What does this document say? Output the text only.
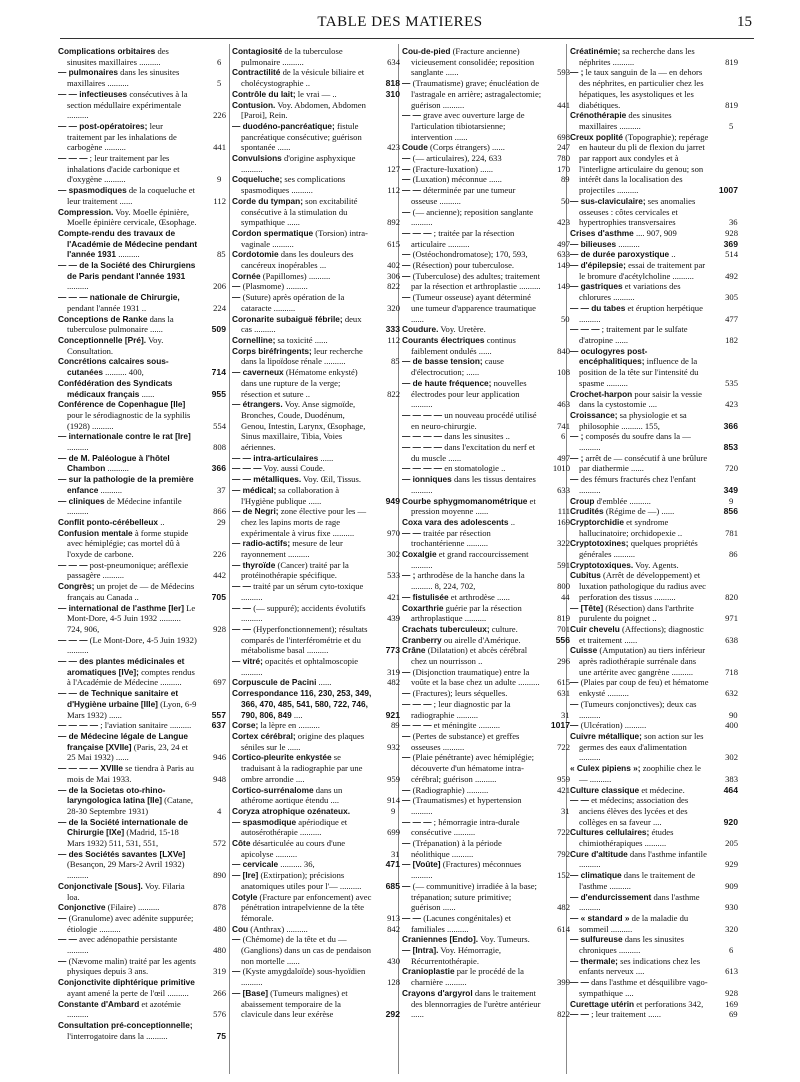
TABLE DES MATIERES	15
Complications orbitaires des sinusites maxillaires ..........	6
— pulmonaires dans les sinusites maxillaires ..........	5
— — infectieuses consécutives à la section médullaire expérimentale ..........	226
— — post-opératoires; leur traitement par les inhalations de carbogène ..........	441
— — — ; leur traitement par les inhalations d'acide carbonique et d'oxygène ..........	9
— spasmodiques de la coqueluche et leur traitement ......	112
Compression. Voy. Moelle épinière, Moelle épinière cervicale, Œsophage.
Compte-rendu des travaux de l'Académie de Médecine pendant l'année 1931 ..........	85
— — de la Société des Chirurgiens de Paris pendant l'année 1931 ..........	206
— — — nationale de Chirurgie, pendant l'année 1931 ..	224
Conceptions de Ranke dans la tuberculose pulmonaire ......	509
Conceptionnelle [Pré]. Voy. Consultation.
Concrétions calcaires sous-cutanées .......... 400,	714
Confédération des Syndicats médicaux français ......	955
Conférence de Copenhague [IIe] pour le sérodiagnostic de la syphilis (1928) ..........	554
— internationale contre le rat [Ire] ..........	808
— de M. Paléologue à l'hôtel Chambon ..........	366
— sur la pathologie de la première enfance ..........	37
— cliniques de Médecine infantile ..........	866
Conflit ponto-cérébelleux ..	29
Confusion mentale à forme stupide avec hémiplégie; cas mortel dû à l'oxyde de carbone.	226
— — — post-pneumonique; aréflexie passagère ..........	442
Congrès; un projet de — de Médecins français au Canada ..	705
— international de l'asthme [Ier] Le Mont-Dore, 4-5 Juin 1932 .......... 724, 906,	928
— — — (Le Mont-Dore, 4-5 Juin 1932) ..........
— — des plantes médicinales et aromatiques [IVe]; comptes rendus à l'Académie de Médecine ..........	697
— — de Technique sanitaire et d'Hygiène urbaine [IIIe] (Lyon, 6-9 Mars 1932) ......	557
— — — — ; l'aviation sanitaire .......... 637
— de Médecine légale de Langue française [XVIIe] (Paris, 23, 24 et 25 Mai 1932) ......	946
— — — — XVIIIe se tiendra à Paris au mois de Mai 1933.	948
— de la Societas oto-rhino-laryngologica latina [IIe] (Catane, 28-30 Septembre 1931)	4
— de la Société internationale de Chirurgie [IXe] (Madrid, 15-18 Mars 1932) 511, 531, 551,	572
— des Sociétés savantes [LXVe] (Besançon, 29 Mars-2 Avril 1932) ..........	890
Conjonctivale [Sous]. Voy. Filaria loa.
Conjonctive (Filaire) ..........	878
— (Granulome) avec adénite suppurée; étiologie ..........	480
— — avec adénopathie persistante ..........	480
— (Nævome malin) traité par les agents physiques depuis 3 ans.	319
Conjonctivite diphtérique primitive ayant amené la perte de l'œil ..........	266
Constante d'Ambard et azotémie ..........	576
Consultation pré-conceptionnelle; l'interrogatoire dans la ..........	75
Contagiosité de la tuberculose pulmonaire ..........	634
Contractilité de la vésicule biliaire et cholécystographie ..	818
Contrôle du lait; le vrai — ..	310
Contusion. Voy. Abdomen, Abdomen [Paroi], Rein.
— duodéno-pancréatique; fistule pancréatique consécutive; guérison spontanée ......	423
Convulsions d'origine asphyxique ..........	127
Coqueluche; ses complications spasmodiques ..........	112
Corde du tympan; son excitabilité consécutive à la stimulation du sympathique ......	892
Cordon spermatique (Torsion) intra-vaginale ..........	615
Cordotomie dans les douleurs des cancéreux inopérables ...	402
Cornée (Papillomes) ..........	306
— (Plasmome) ..........	822
— (Suture) après opération de la cataracte ..........	320
Coronarite subaiguë fébrile; deux cas ..........	333
Cornelline; sa toxicité ......	112
Corps biréfringents; leur recherche dans la lipoïdose rénale ..........	85
— caverneux (Hématome enkysté) dans une rupture de la verge; résection et suture ..	822
— étrangers. Voy. Anse sigmoïde, Bronches, Coude, Duodénum, Genou, Intestin, Larynx, Œsophage, Sinus maxillaire, Tibia, Voies aériennes.
— — intra-articulaires ......
— — — Voy. aussi Coude.
— — métalliques. Voy. Œil, Tissus.
— médical; sa collaboration à l'Hygiène publique ......	949
— de Negri; zone élective pour les — chez les lapins morts de rage expérimentale à virus fixe ..........	970
— radio-actifs; mesure de leur rayonnement ..........	302
— thyroïde (Cancer) traité par la protéinothérapie spécifique.	533
— — traité par un sérum cyto-toxique ..........	421
— — (— suppuré); accidents évolutifs ..........	439
— — (Hyperfonctionnement); résultats comparés de l'interférométrie et du métabolisme basal ..........	773
— vitré; opacités et ophtalmoscopie ..........	319
Corpuscule de Pacini ......	482
Correspondance 116, 230, 253, 349, 366, 470, 485, 541, 580, 722, 746, 790, 806, 849 ....	921
Corse; la lèpre en ..........	89
Cortex cérébral; origine des plaques séniles sur le ......	932
Cortico-pleurite enkystée se traduisant à la radiographie par une ombre arrondie ....	959
Cortico-surrénalome dans un athérome aortique étendu ....	914
Coryza atrophique ozénateux.	9
— spasmodique apériodique et autosérothérapie ..........	699
Côte désarticulée au cours d'une apicolyse ..........	31
— cervicale .......... 36,	471
— [Ire] (Extirpation); précisions anatomiques utiles pour l'— ..........	685
Cotyle (Fracture par enfoncement) avec pénétration intrapelvienne de la tête fémorale.	913
Cou (Anthrax) ..........	842
— (Chémome) de la tête et du — (Ganglions) dans un cas de pendaison non mortelle ......	430
— (Kyste amygdaloïde) sous-hyoïdien ..........	128
— [Base] (Tumeurs malignes) et abaissement temporaire de la clavicule dans leur exérèse	292
Cou-de-pied (Fracture ancienne) vicieusement consolidée; reposition sanglante ......	593
— (Traumatisme) grave; énucléation de l'astragale en arrière; astragalectomie; guérison ..........	441
— — grave avec ouverture large de l'articulation tibiotarsienne; intervention ......	698
Coude (Corps étrangers) ......	247
— (— articulaires), 224, 633	780
— (Fracture-luxation) ......	170
— (Luxation) méconnue ......	89
— — déterminée par une tumeur osseuse ..........	50
— (— ancienne); reposition sanglante ..........	423
— — — ; traitée par la résection articulaire ..........	497
— (Ostéochondromatose); 170, 593,	633
— (Résection) pour tuberculose.	149
— (Tuberculose) des adultes; traitement par la résection et arthroplastie .......... 149
— (Tumeur osseuse) ayant déterminé une tumeur d'apparence traumatique ......	50
Coudure. Voy. Uretère.
Courants électriques continus faiblement ondulés ......	840
— de basse tension; cause d'électrocution; ......	108
— de haute fréquence; nouvelles électrodes pour leur application ..........	463
— — — — un nouveau procédé utilisé en neuro-chirurgie.	741
— — — — dans les sinusites ..	6
— — — — dans l'excitation du nerf et du muscle ......	497
— — — — en stomatologie ..	1010
— ionniques dans les tissus dentaires ..........	633
Courbe sphygmomanométrique et pression moyenne ......	111
Coxa vara des adolescents ..	169
— — traitée par résection trochantérienne ..........	322
Coxalgie et grand raccourcissement ..........	591
— ; arthrodèse de la hanche dans la .......... 8, 224, 702,	800
— fistulisée et arthrodèse ......	44
Coxarthrie guérie par la résection arthroplastique ..........	819
Crachats tuberculeux; culture.	701
Cranberry ou airelle d'Amérique.	556
Crâne (Dilatation) et abcès cérébral chez un nourrisson ..	296
— (Disjonction traumatique) entre la voûte et la base chez un adulte .......... 615
— (Fractures); leurs séquelles.	631
— — — ; leur diagnostic par la radiographie ..........	31
— — — et méningite ..........	1017
— (Pertes de substance) et greffes osseuses ..........	722
— (Plaie pénétrante) avec hémiplégie; découverte d'un hématome intra-cérébral; guérison ..........	959
— (Radiographie) ..........	421
— (Traumatismes) et hypertension ..........	31
— — — ; hémorragie intra-durale consécutive ..........	722
— (Trépanation) à la période néolithique ..........	792
— [Voûte] (Fractures) méconnues ..........	152
— (— communitive) irradiée à la base; trépanation; suture primitive; guérison ......	482
— — (Lacunes congénitales) et familiales ..........	614
Craniennes [Endo]. Voy. Tumeurs.
— [Intra]. Voy. Hémorragie, Récurrentothérapie.
Cranioplastie par le procédé de la charnière ..........	399
Crayons d'argyrol dans le traitement des blennorragies de l'urètre antérieur ......	822
Créatinémie; sa recherche dans les néphrites ..........	819
— ; le taux sanguin de la — en dehors des néphrites, en particulier chez les hépatiques, les asystoliques et les diabétiques.	819
Crénothérapie des sinusites maxillaires ..........	5
Creux poplité (Topographie); repérage en hauteur du pli de flexion du jarret par rapport aux condyles et à l'interligne articulaire du genou; son intérêt dans la localisation des projectiles ..........	1007
— sus-claviculaire; ses anomalies osseuses : côtes cervicales et hypertrophies transversaires	36
Crises d'asthme .... 907, 909	928
— bilieuses ..........	369
— de durée paroxystique ..	514
— d'épilepsie; essai de traitement par le bromure d'acétylcholine ..........	492
— gastriques et variations des chlorures ..........	305
— — du tabes et éruption herpétique ..........	477
— — — ; traitement par le sulfate d'atropine ......	182
— oculogyres post-encéphalitiques; influence de la position de la tête sur l'intensité du spasme ..........	535
Crochet-harpon pour saisir la vessie dans la cystostomie ....	423
Croissance; sa physiologie et sa philosophie .......... 155,	366
— ; composés du soufre dans la — ..........	853
— ; arrêt de — consécutif à une brûlure par diathermie ......	720
— des fémurs fracturés chez l'enfant ..........	349
Croup d'emblée ..........	9
Crudités (Régime de —) ......	856
Cryptorchidie et syndrome hallucinatoire; orchidopexie ..	781
Cryptotoxines; quelques propriétés générales ..........	86
Cryptotoxiques. Voy. Agents.
Cubitus (Arrêt de développement) et luxation pathologique du radius avec perforation des tissus ..........	820
— [Tête] (Résection) dans l'arthrite purulente du poignet ..	971
Cuir chevelu (Affections); diagnostic et traitement ......	638
Cuisse (Amputation) au tiers inférieur après radiothérapie surrénale dans une artérite avec gangrène ..........	718
— (Plaies par coup de feu) et hématome enkysté ..........	632
— (Tumeurs conjonctives); deux cas ..........	90
— (Ulcération) ..........	400
Cuivre métallique; son action sur les germes des eaux d'alimentation ..........	302
« Culex pipiens »; zoophilie chez le — ..........	383
Culture classique et médecine.	464
— — et médecins; association des anciens élèves des lycées et des collèges en sa faveur ....	920
Cultures cellulaires; études chimiothérapiques ..........	205
Cure d'altitude dans l'asthme infantile ..........	929
— climatique dans le traitement de l'asthme ..........	909
— d'endurcissement dans l'asthme ..........	930
— « standard » de la maladie du sommeil ..........	320
— sulfureuse dans les sinusites chroniques ..........	6
— thermale; ses indications chez les enfants nerveux ....	613
— — dans l'asthme et désquilibre vago-sympathique ....	928
Curettage utérin et perforations 342,	169
— — ; leur traitement ......	69
